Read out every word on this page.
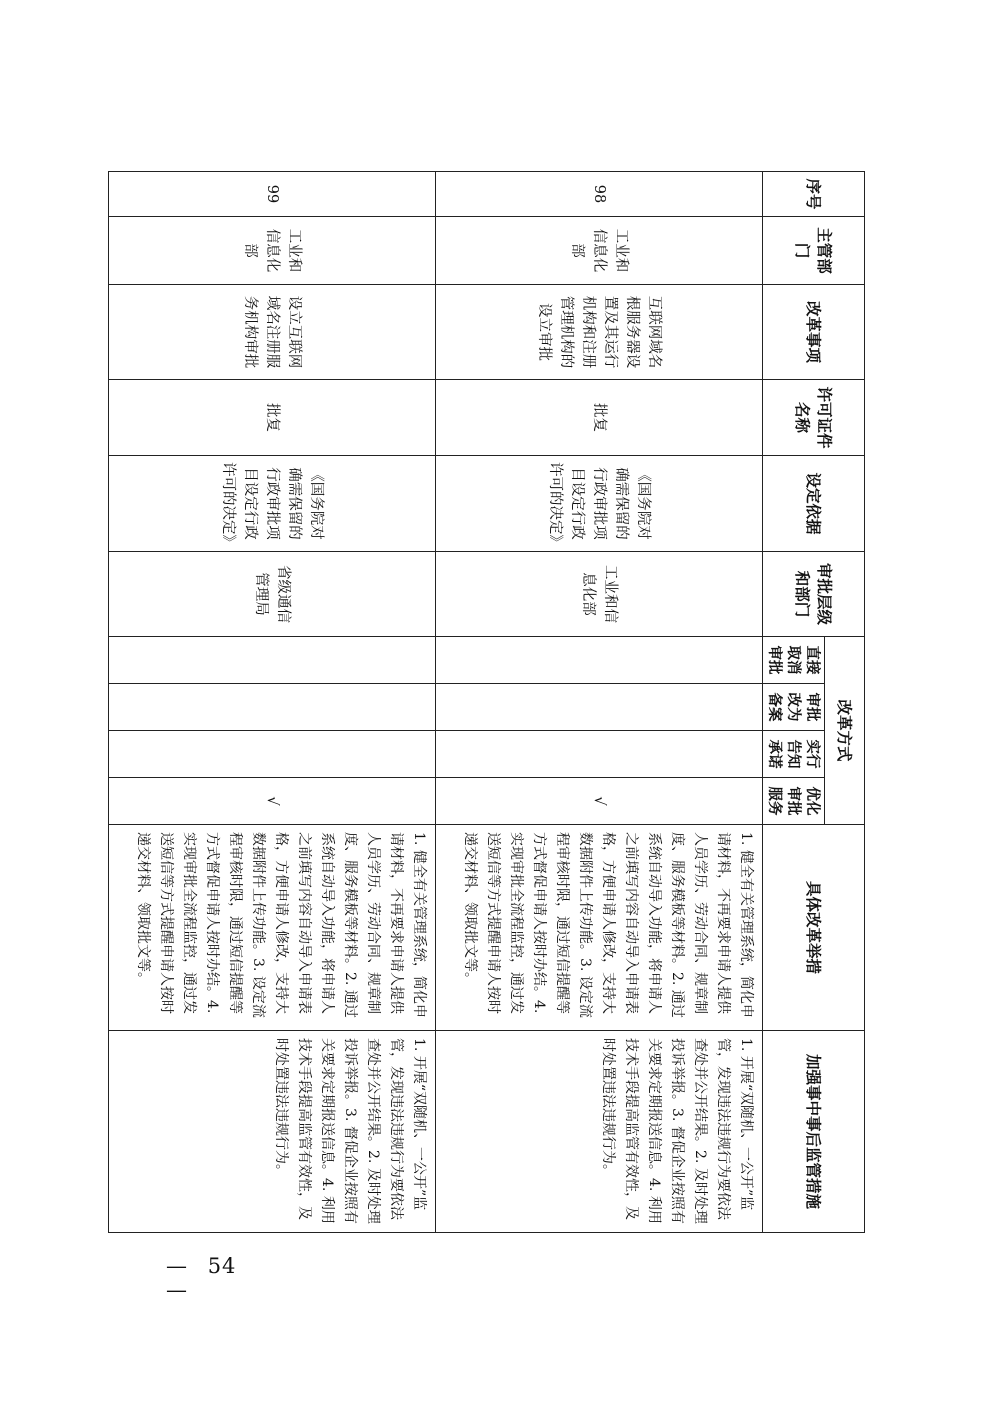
序号	主管部门	改革事项	许可证件名称	设定依据	审批层级和部门	改革方式				具体改革举措	加强事中事后监管措施
						直接取消审批	审批改为备案	实行告知承诺	优化审批服务		
98	工业和信息化部	互联网域名根服务器设置及其运行机构和注册管理机构的设立审批	批复	《国务院对确需保留的行政审批项目设定行政许可的决定》	工业和信息化部				√	1. 健全有关管理系统，简化申请材料，不再要求申请人提供人员学历、劳动合同、规章制度、服务模板等材料。2. 通过系统自动导入功能，将申请人之前填写内容自动导入申请表格，方便申请人修改，支持大数据附件上传功能。3. 设定流程审核时限，通过短信提醒等方式督促申请人按时办结。4. 实现审批全流程监控，通过发送短信等方式提醒申请人按时递交材料、领取批文等。	1. 开展“双随机、一公开”监管，发现违法违规行为要依法查处并公开结果。2. 及时处理投诉举报。3. 督促企业按照有关要求定期报送信息。4. 利用技术手段提高监管有效性，及时处置违法违规行为。
99	工业和信息化部	设立互联网域名注册服务机构审批	批复	《国务院对确需保留的行政审批项目设定行政许可的决定》	省级通信管理局				√	1. 健全有关管理系统，简化申请材料，不再要求申请人提供人员学历、劳动合同、规章制度、服务模板等材料。2. 通过系统自动导入功能，将申请人之前填写内容自动导入申请表格，方便申请人修改，支持大数据附件上传功能。3. 设定流程审核时限，通过短信提醒等方式督促申请人按时办结。4. 实现审批全流程监控，通过发送短信等方式提醒申请人按时递交材料、领取批文等。	1. 开展“双随机、一公开”监管，发现违法违规行为要依法查处并公开结果。2. 及时处理投诉举报。3. 督促企业按照有关要求定期报送信息。4. 利用技术手段提高监管有效性，及时处置违法违规行为。
— 54 —
